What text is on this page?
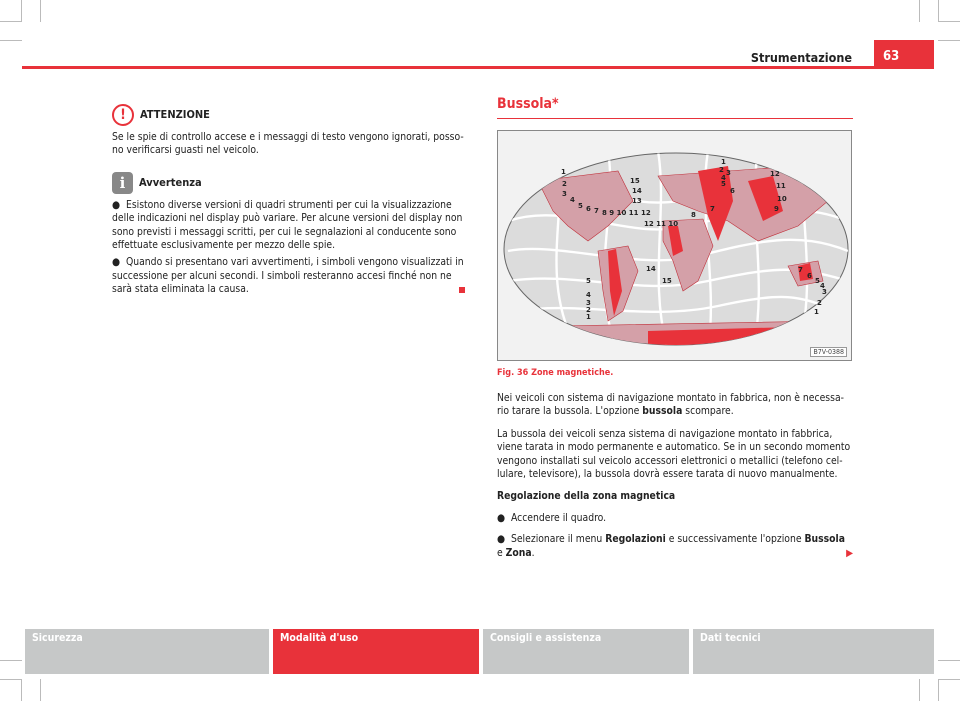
Strumentazione	63
!	ATTENZIONE

Se le spie di controllo accese e i messaggi di testo vengono ignorati, posso-no verificarsi guasti nel veicolo.

i	Avvertenza

●  Esistono diverse versioni di quadri strumenti per cui la visualizzazione delle indicazioni nel display può variare. Per alcune versioni del display non sono previsti i messaggi scritti, per cui le segnalazioni al conducente sono effettuate esclusivamente per mezzo delle spie.

●  Quando si presentano vari avvertimenti, i simboli vengono visualizzati in successione per alcuni secondi. I simboli resteranno accesi finché non ne sarà stata eliminata la causa.

Bussola*
1
2 3
4
5
6
7
8
9
10
11
12
13
14
15
1
2
3
4
5 6 7 8 9 10 11 12
12 11 10
14
15
5
4
3
2
1
7
6
5
4
3
2
1
B7V-0388
Fig. 36 Zone magnetiche.

Nei veicoli con sistema di navigazione montato in fabbrica, non è necessa-rio tarare la bussola. L'opzione bussola scompare.

La bussola dei veicoli senza sistema di navigazione montato in fabbrica, viene tarata in modo permanente e automatico. Se in un secondo momento vengono installati sul veicolo accessori elettronici o metallici (telefono cel-lulare, televisore), la bussola dovrà essere tarata di nuovo manualmente.

Regolazione della zona magnetica

●  Accendere il quadro.

●  Selezionare il menu Regolazioni e successivamente l'opzione Bussola e Zona.	▶

Sicurezza	Modalità d'uso	Consigli e assistenza	Dati tecnici
